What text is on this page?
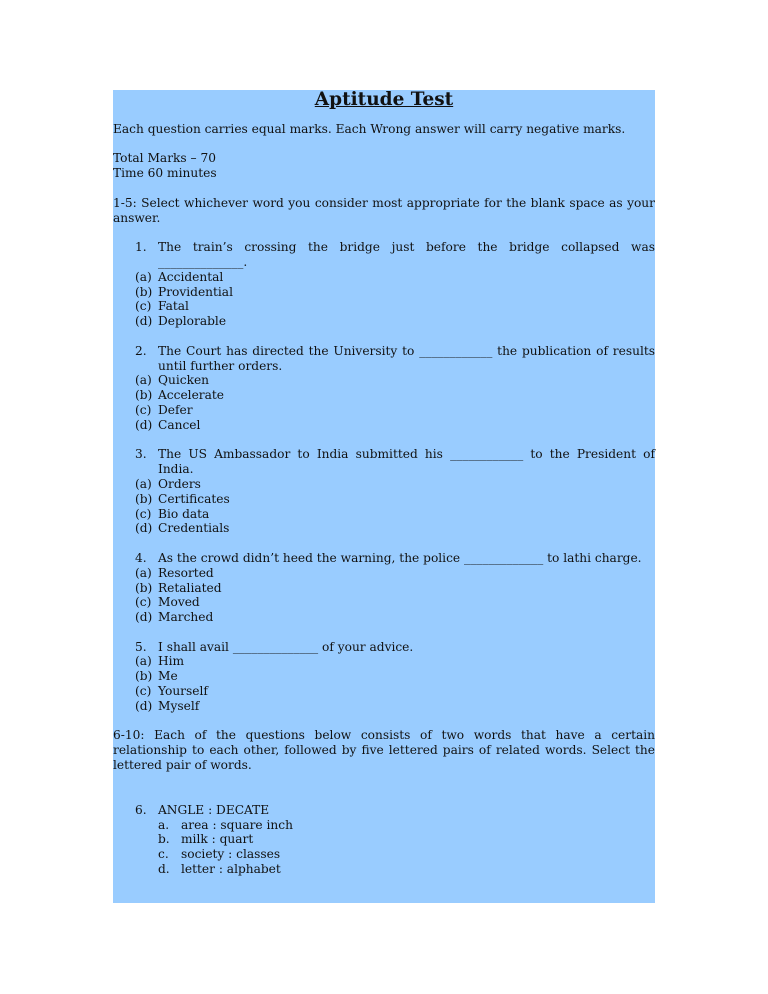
Aptitude Test

Each question carries equal marks. Each Wrong answer will carry negative marks.

Total Marks – 70

Time 60 minutes

1-5: Select whichever word you consider most appropriate for the blank space as your answer.

1. The train’s crossing the bridge just before the bridge collapsed was ______________.
(a) Accidental
(b) Providential
(c) Fatal
(d) Deplorable
2. The Court has directed the University to ____________ the publication of results until further orders.
(a) Quicken
(b) Accelerate
(c) Defer
(d) Cancel
3. The US Ambassador to India submitted his ____________ to the President of India.
(a) Orders
(b) Certificates
(c) Bio data
(d) Credentials
4. As the crowd didn’t heed the warning, the police _____________ to lathi charge.
(a) Resorted
(b) Retaliated
(c) Moved
(d) Marched
5. I shall avail ______________ of your advice.
(a) Him
(b) Me
(c) Yourself
(d) Myself

6-10: Each of the questions below consists of two words that have a certain relationship to each other, followed by five lettered pairs of related words. Select the lettered pair of words.

6. ANGLE : DECATE
a. area : square inch
b. milk : quart
c.	society : classes
d. letter : alphabet
